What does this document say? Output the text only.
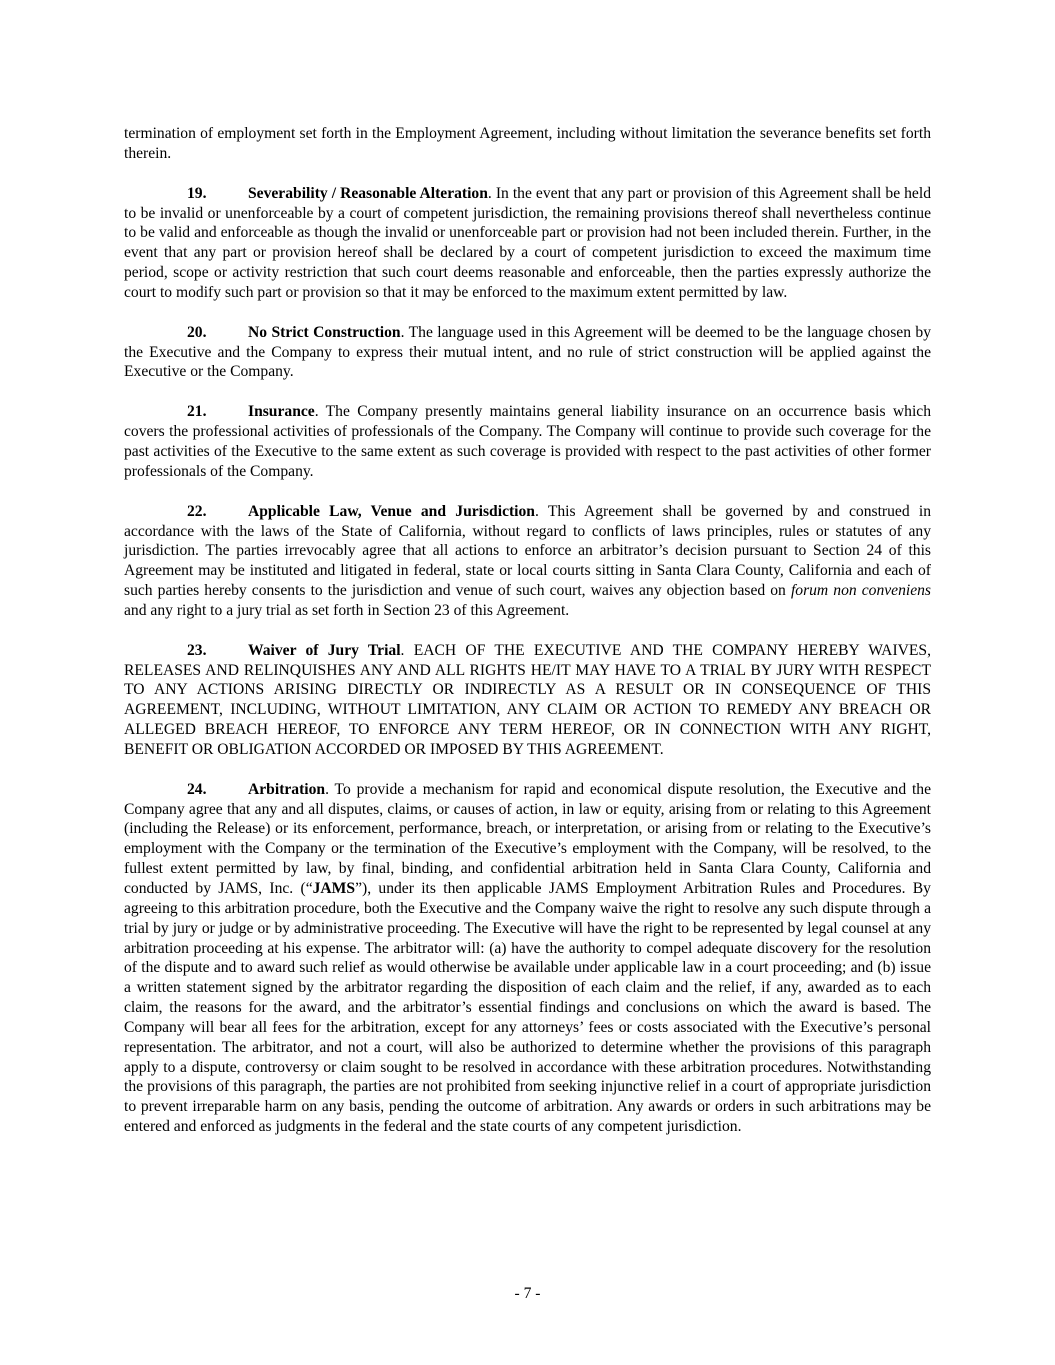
termination of employment set forth in the Employment Agreement, including without limitation the severance benefits set forth therein.

19.	Severability / Reasonable Alteration. In the event that any part or provision of this Agreement shall be held to be invalid or unenforceable by a court of competent jurisdiction, the remaining provisions thereof shall nevertheless continue to be valid and enforceable as though the invalid or unenforceable part or provision had not been included therein. Further, in the event that any part or provision hereof shall be declared by a court of competent jurisdiction to exceed the maximum time period, scope or activity restriction that such court deems reasonable and enforceable, then the parties expressly authorize the court to modify such part or provision so that it may be enforced to the maximum extent permitted by law.

20.	No Strict Construction. The language used in this Agreement will be deemed to be the language chosen by the Executive and the Company to express their mutual intent, and no rule of strict construction will be applied against the Executive or the Company.

21.	Insurance. The Company presently maintains general liability insurance on an occurrence basis which covers the professional activities of professionals of the Company. The Company will continue to provide such coverage for the past activities of the Executive to the same extent as such coverage is provided with respect to the past activities of other former professionals of the Company.

22.	Applicable Law, Venue and Jurisdiction. This Agreement shall be governed by and construed in accordance with the laws of the State of California, without regard to conflicts of laws principles, rules or statutes of any jurisdiction. The parties irrevocably agree that all actions to enforce an arbitrator’s decision pursuant to Section 24 of this Agreement may be instituted and litigated in federal, state or local courts sitting in Santa Clara County, California and each of such parties hereby consents to the jurisdiction and venue of such court, waives any objection based on forum non conveniens and any right to a jury trial as set forth in Section 23 of this Agreement.

23.	Waiver of Jury Trial. EACH OF THE EXECUTIVE AND THE COMPANY HEREBY WAIVES, RELEASES AND RELINQUISHES ANY AND ALL RIGHTS HE/IT MAY HAVE TO A TRIAL BY JURY WITH RESPECT TO ANY ACTIONS ARISING DIRECTLY OR INDIRECTLY AS A RESULT OR IN CONSEQUENCE OF THIS AGREEMENT, INCLUDING, WITHOUT LIMITATION, ANY CLAIM OR ACTION TO REMEDY ANY BREACH OR ALLEGED BREACH HEREOF, TO ENFORCE ANY TERM HEREOF, OR IN CONNECTION WITH ANY RIGHT, BENEFIT OR OBLIGATION ACCORDED OR IMPOSED BY THIS AGREEMENT.

24.	Arbitration. To provide a mechanism for rapid and economical dispute resolution, the Executive and the Company agree that any and all disputes, claims, or causes of action, in law or equity, arising from or relating to this Agreement (including the Release) or its enforcement, performance, breach, or interpretation, or arising from or relating to the Executive’s employment with the Company or the termination of the Executive’s employment with the Company, will be resolved, to the fullest extent permitted by law, by final, binding, and confidential arbitration held in Santa Clara County, California and conducted by JAMS, Inc. (“JAMS”), under its then applicable JAMS Employment Arbitration Rules and Procedures. By agreeing to this arbitration procedure, both the Executive and the Company waive the right to resolve any such dispute through a trial by jury or judge or by administrative proceeding. The Executive will have the right to be represented by legal counsel at any arbitration proceeding at his expense. The arbitrator will: (a) have the authority to compel adequate discovery for the resolution of the dispute and to award such relief as would otherwise be available under applicable law in a court proceeding; and (b) issue a written statement signed by the arbitrator regarding the disposition of each claim and the relief, if any, awarded as to each claim, the reasons for the award, and the arbitrator’s essential findings and conclusions on which the award is based. The Company will bear all fees for the arbitration, except for any attorneys’ fees or costs associated with the Executive’s personal representation. The arbitrator, and not a court, will also be authorized to determine whether the provisions of this paragraph apply to a dispute, controversy or claim sought to be resolved in accordance with these arbitration procedures. Notwithstanding the provisions of this paragraph, the parties are not prohibited from seeking injunctive relief in a court of appropriate jurisdiction to prevent irreparable harm on any basis, pending the outcome of arbitration. Any awards or orders in such arbitrations may be entered and enforced as judgments in the federal and the state courts of any competent jurisdiction.

- 7 -
